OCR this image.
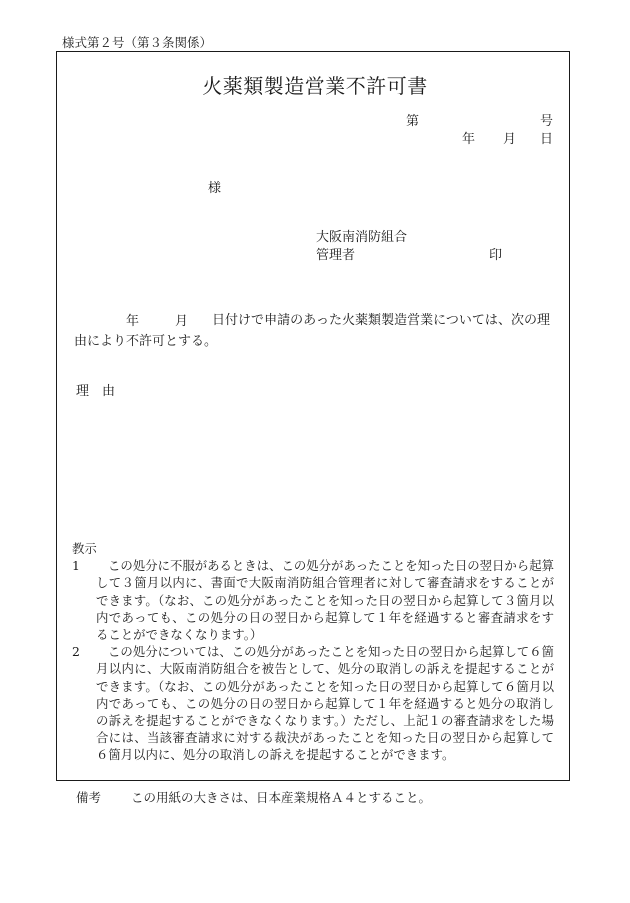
様式第２号（第３条関係）
火薬類製造営業不許可書
第	号
年 月 日
様
大阪南消防組合
管理者	印
年	月	日付けで申請のあった火薬類製造営業については、次の理由により不許可とする。
理　由
教示
1	この処分に不服があるときは、この処分があったことを知った日の翌日から起算して３箇月以内に、書面で大阪南消防組合管理者に対して審査請求をすることができます。（なお、この処分があったことを知った日の翌日から起算して３箇月以内であっても、この処分の日の翌日から起算して１年を経過すると審査請求をすることができなくなります。）
2	この処分については、この処分があったことを知った日の翌日から起算して６箇月以内に、大阪南消防組合を被告として、処分の取消しの訴えを提起することができます。（なお、この処分があったことを知った日の翌日から起算して６箇月以内であっても、この処分の日の翌日から起算して１年を経過すると処分の取消しの訴えを提起することができなくなります。）ただし、上記１の審査請求をした場合には、当該審査請求に対する裁決があったことを知った日の翌日から起算して６箇月以内に、処分の取消しの訴えを提起することができます。
備考 この用紙の大きさは、日本産業規格Ａ４とすること。
